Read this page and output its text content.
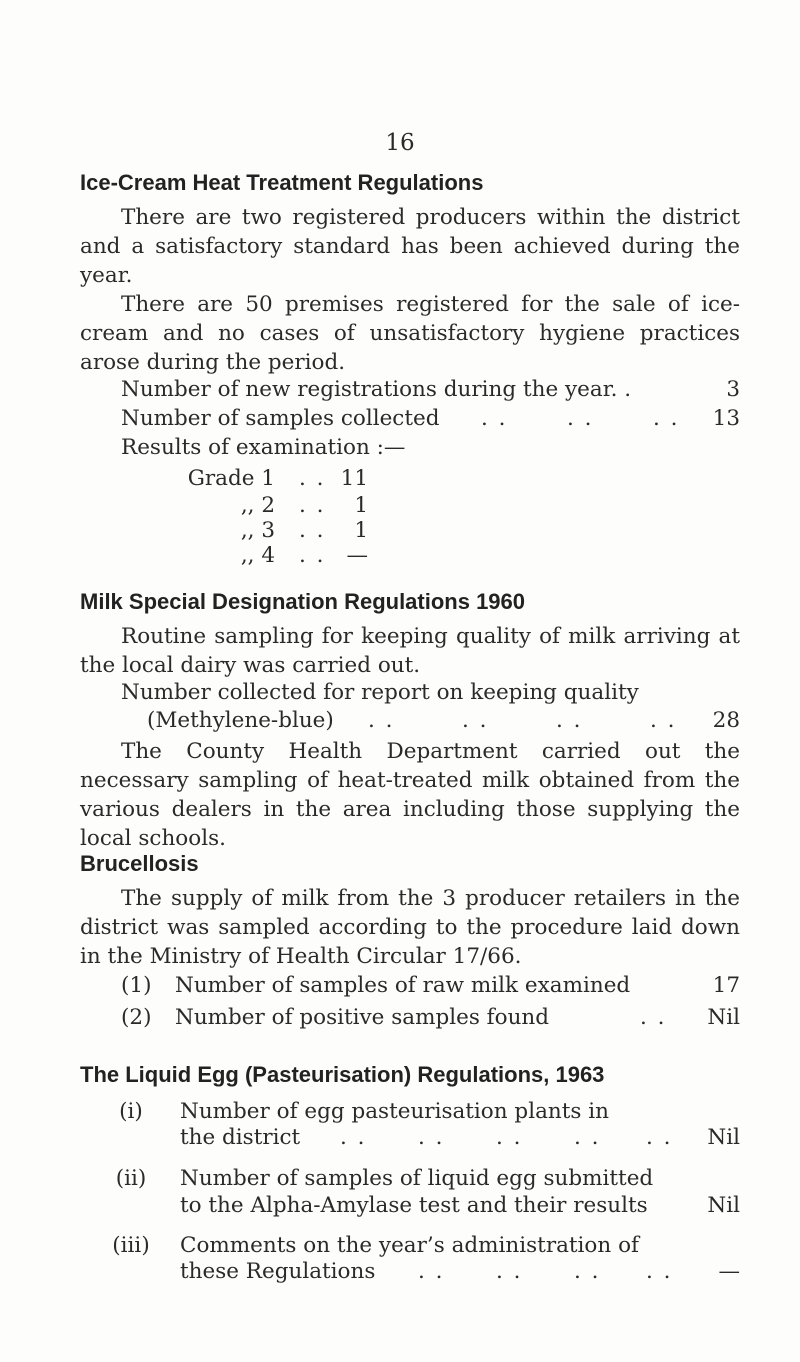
16
Ice-Cream Heat Treatment Regulations
There are two registered producers within the district and a satisfactory standard has been achieved during the year.
There are 50 premises registered for the sale of ice-cream and no cases of unsatisfactory hygiene practices arose during the period.
Number of new registrations during the year. .	3
Number of samples collected . .	. .	. .	13
Results of examination :—
Grade 1 . . 11
,, 2 . .	1
,, 3 . .	1
,, 4 . . —
Milk Special Designation Regulations 1960
Routine sampling for keeping quality of milk arriving at the local dairy was carried out.
Number collected for report on keeping quality
(Methylene-blue) . .	. .	. .	. .	28
The County Health Department carried out the necessary sampling of heat-treated milk obtained from the various dealers in the area including those supplying the local schools.
Brucellosis
The supply of milk from the 3 producer retailers in the district was sampled according to the procedure laid down in the Ministry of Health Circular 17/66.
(1) Number of samples of raw milk examined	17
(2) Number of positive samples found	. .	Nil
The Liquid Egg (Pasteurisation) Regulations, 1963
(i)	Number of egg pasteurisation plants in
the district . . . . . . . . . .	Nil
(ii)	Number of samples of liquid egg submitted
to the Alpha-Amylase test and their results	Nil
(iii) Comments on the year’s administration of
these Regulations . . . . . . . .	—
